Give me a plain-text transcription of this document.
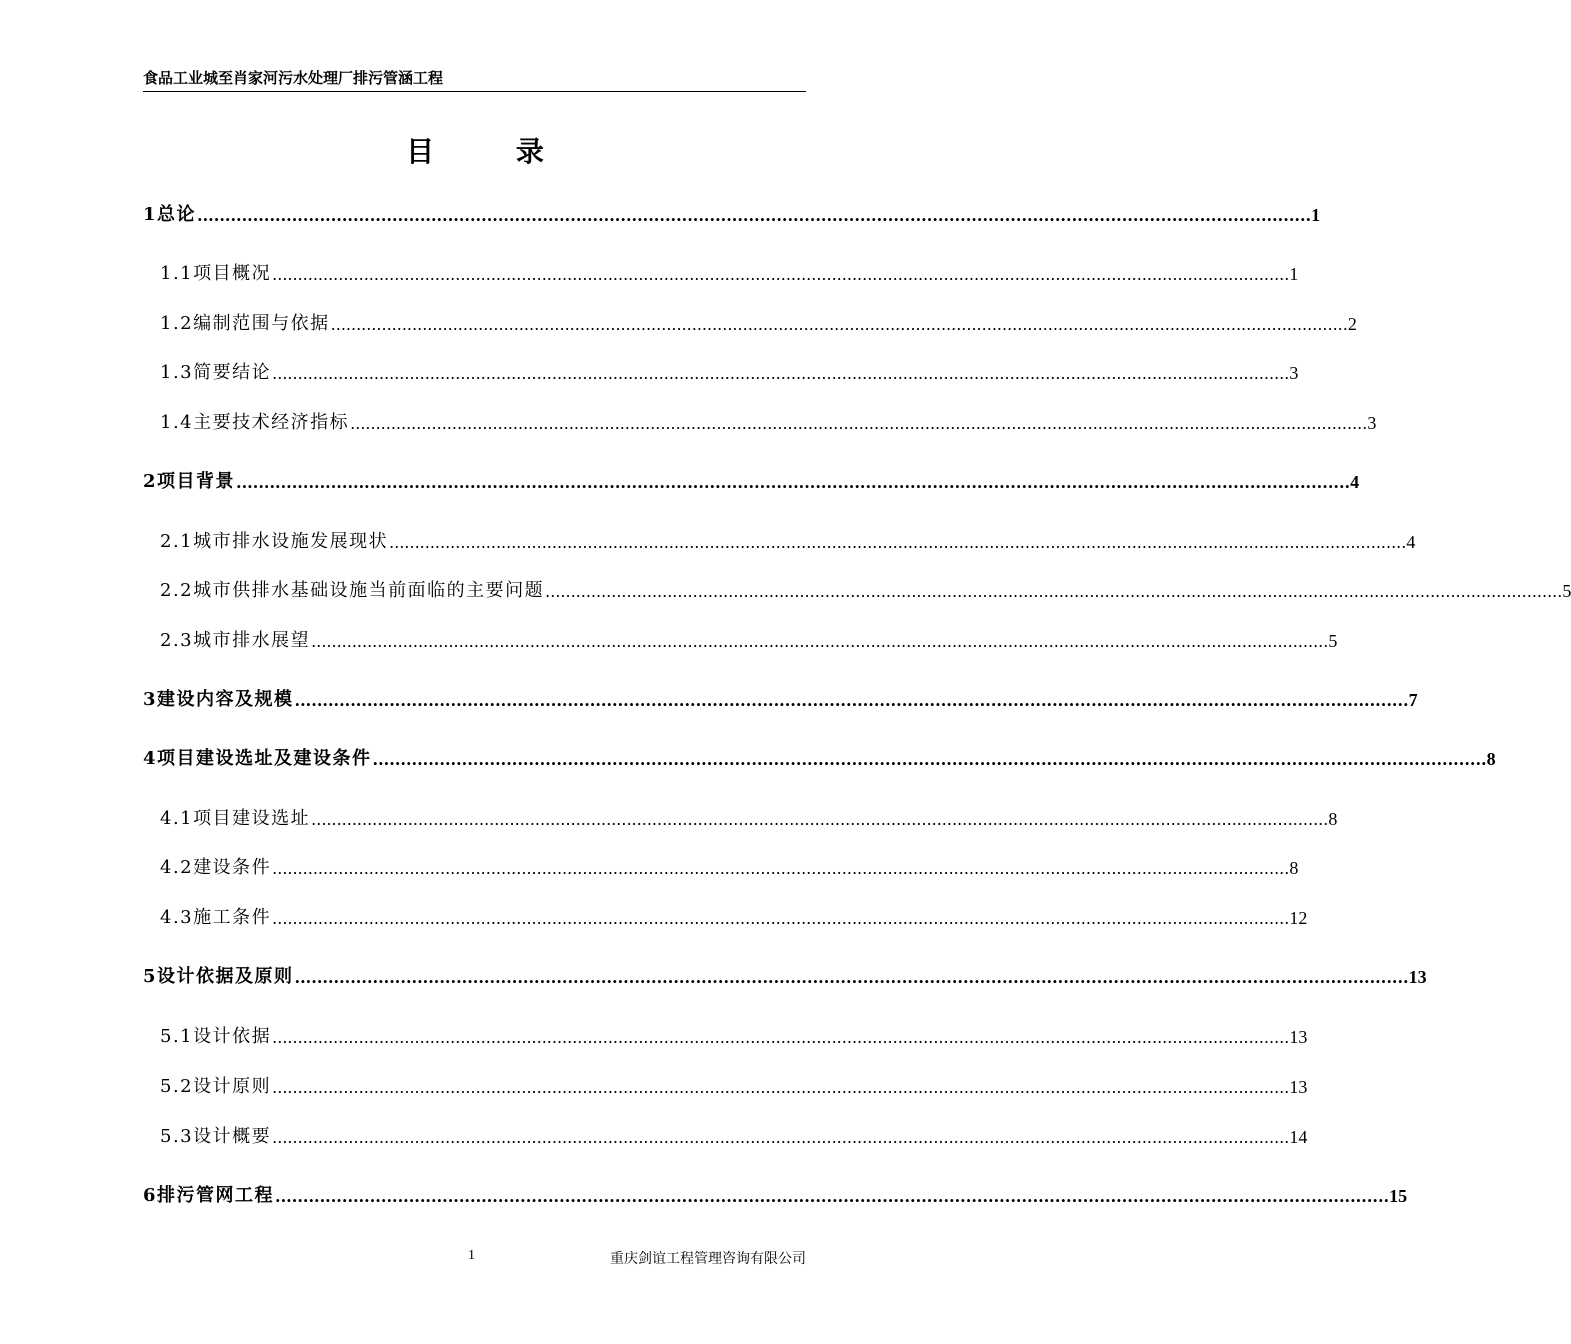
食品工业城至肖家河污水处理厂排污管涵工程
目 录
1 总论 ........................................................................................................................................................................................................ 1
1.1 项目概况 ........................................................................................................................................................................................................ 1
1.2 编制范围与依据 ........................................................................................................................................................................................................ 2
1.3 简要结论 ........................................................................................................................................................................................................ 3
1.4 主要技术经济指标 ........................................................................................................................................................................................................ 3
2 项目背景 ........................................................................................................................................................................................................ 4
2.1 城市排水设施发展现状 ........................................................................................................................................................................................................ 4
2.2 城市供排水基础设施当前面临的主要问题 ........................................................................................................................................................................................................ 5
2.3 城市排水展望 ........................................................................................................................................................................................................ 5
3 建设内容及规模 ........................................................................................................................................................................................................ 7
4 项目建设选址及建设条件 ........................................................................................................................................................................................................ 8
4.1 项目建设选址 ........................................................................................................................................................................................................ 8
4.2 建设条件 ........................................................................................................................................................................................................ 8
4.3 施工条件 ........................................................................................................................................................................................................ 12
5 设计依据及原则 ........................................................................................................................................................................................................ 13
5.1 设计依据 ........................................................................................................................................................................................................ 13
5.2 设计原则 ........................................................................................................................................................................................................ 13
5.3 设计概要 ........................................................................................................................................................................................................ 14
6 排污管网工程 ........................................................................................................................................................................................................ 15
1	重庆剑谊工程管理咨询有限公司
